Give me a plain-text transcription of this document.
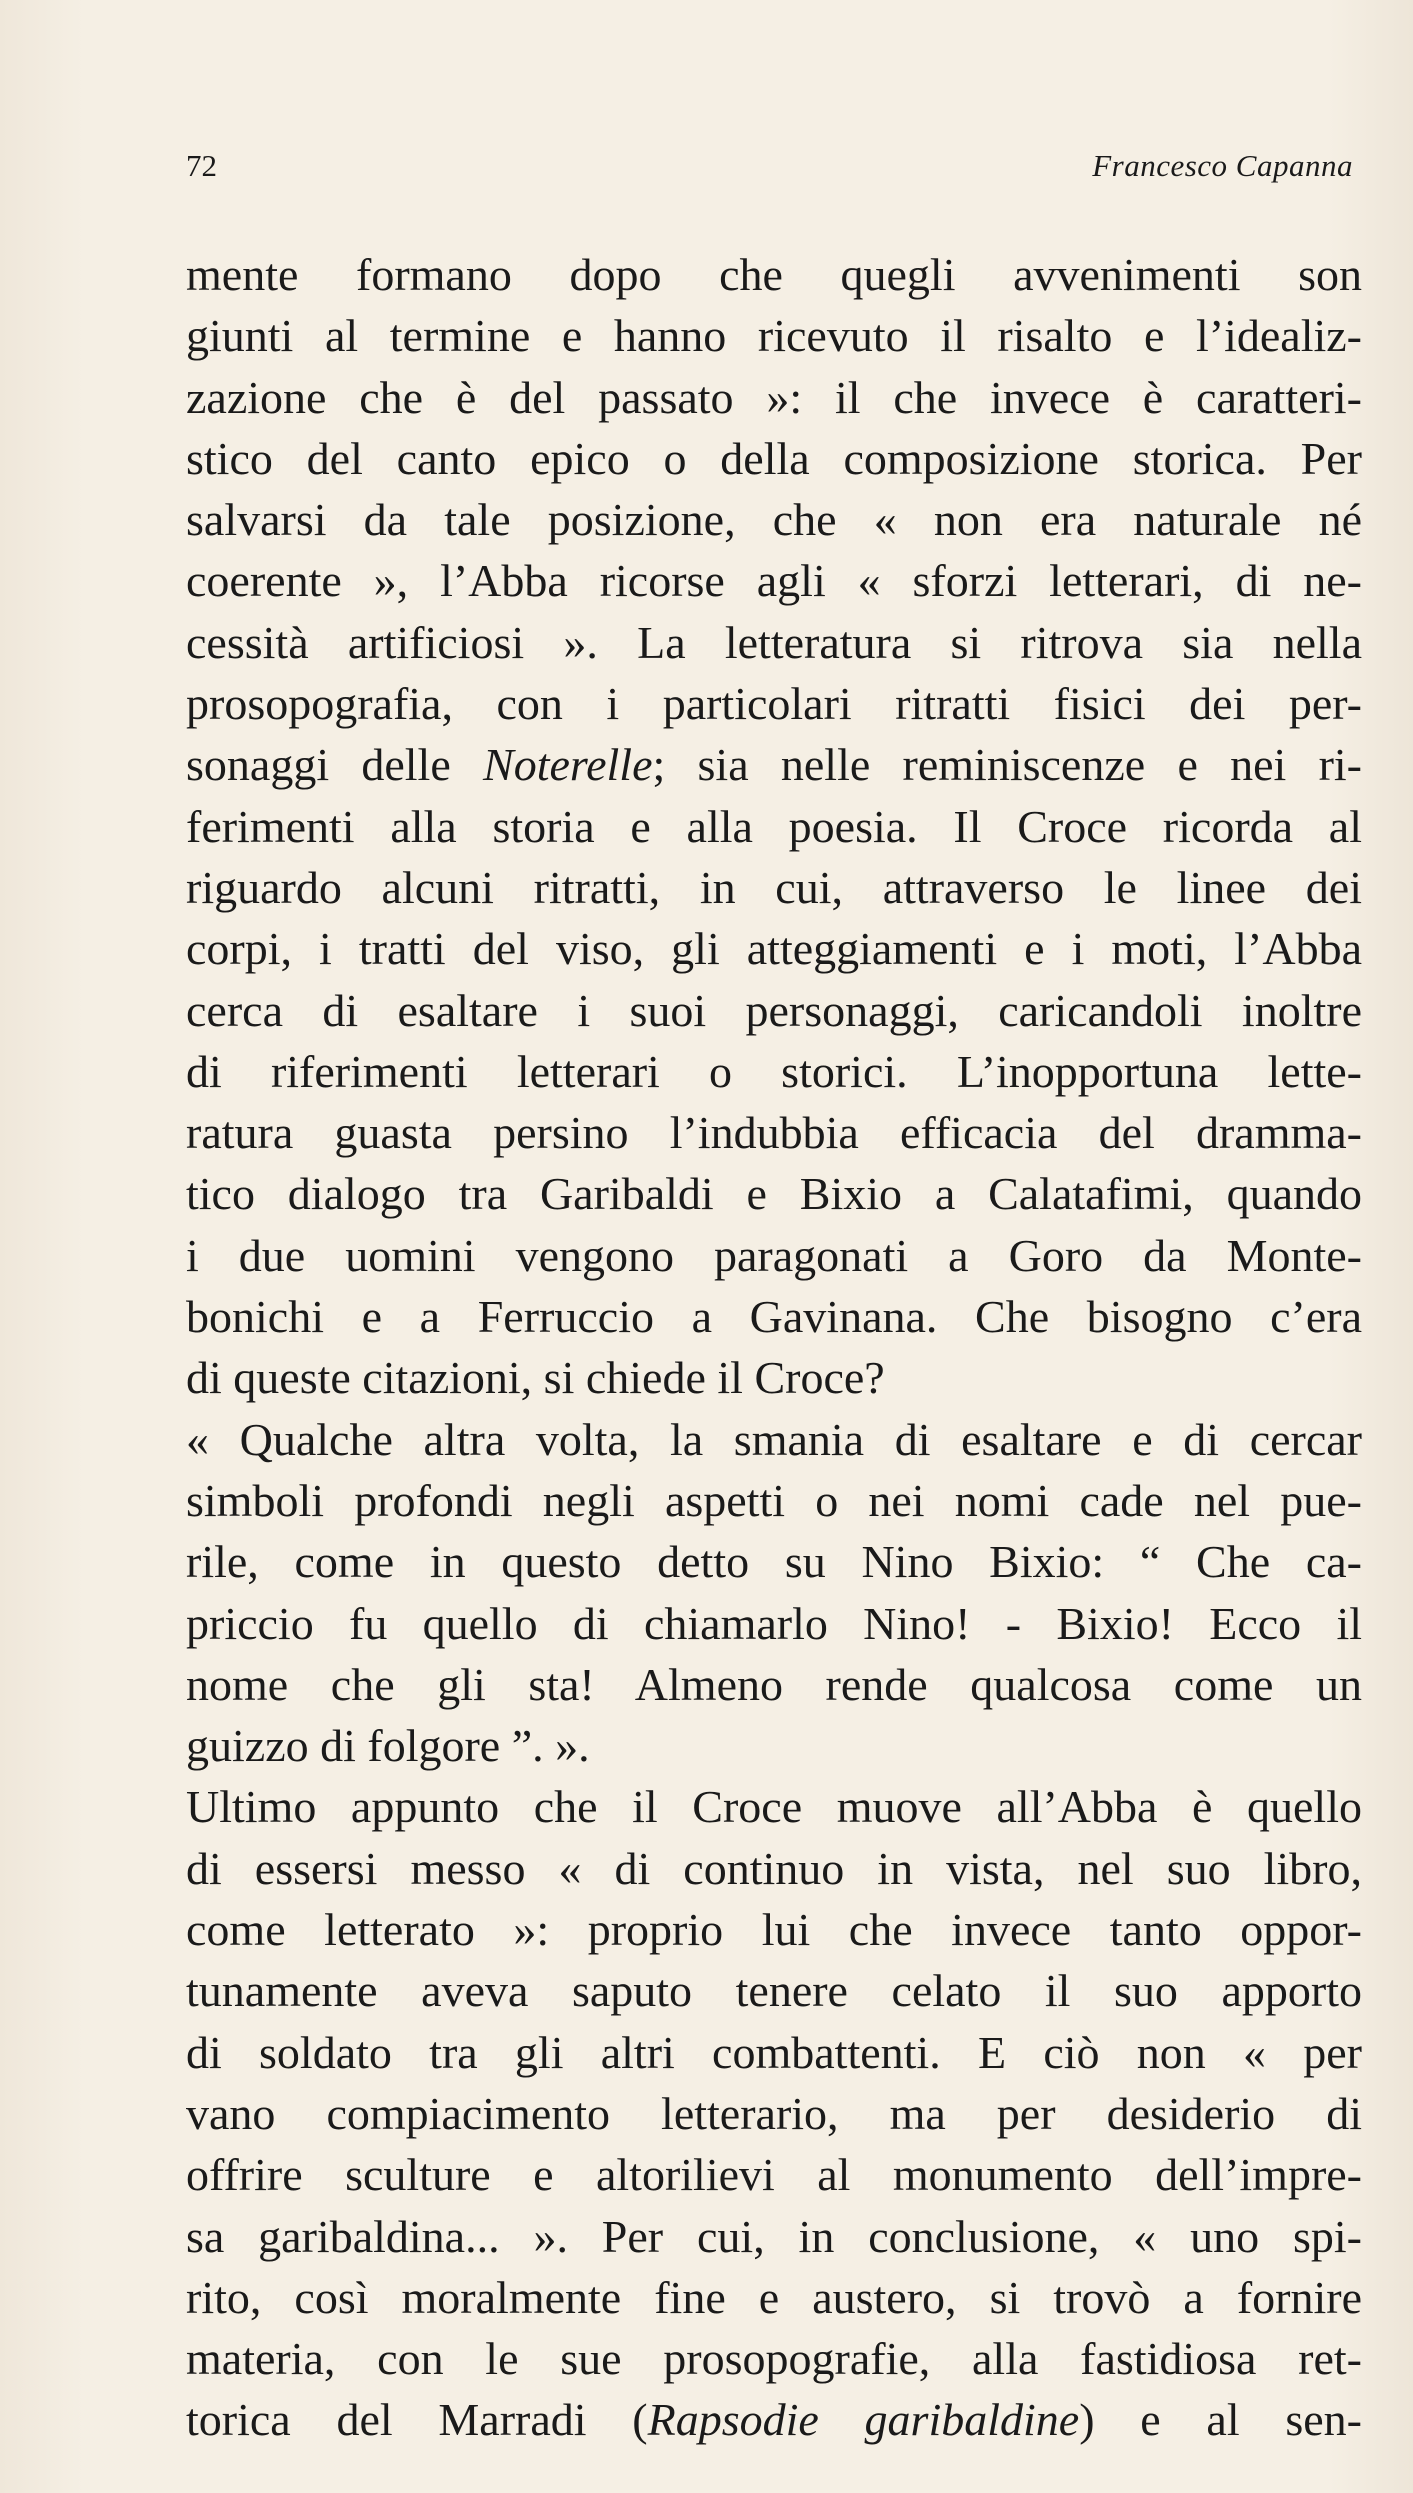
72	Francesco Capanna
mente formano dopo che quegli avvenimenti son
giunti al termine e hanno ricevuto il risalto e l’idealiz-
zazione che è del passato »: il che invece è caratteri-
stico del canto epico o della composizione storica. Per
salvarsi da tale posizione, che « non era naturale né
coerente », l’Abba ricorse agli « sforzi letterari, di ne-
cessità artificiosi ». La letteratura si ritrova sia nella
prosopografia, con i particolari ritratti fisici dei per-
sonaggi delle Noterelle; sia nelle reminiscenze e nei ri-
ferimenti alla storia e alla poesia. Il Croce ricorda al
riguardo alcuni ritratti, in cui, attraverso le linee dei
corpi, i tratti del viso, gli atteggiamenti e i moti, l’Abba
cerca di esaltare i suoi personaggi, caricandoli inoltre
di riferimenti letterari o storici. L’inopportuna lette-
ratura guasta persino l’indubbia efficacia del dramma-
tico dialogo tra Garibaldi e Bixio a Calatafimi, quando
i due uomini vengono paragonati a Goro da Monte-
bonichi e a Ferruccio a Gavinana. Che bisogno c’era
di queste citazioni, si chiede il Croce?
« Qualche altra volta, la smania di esaltare e di cercar
simboli profondi negli aspetti o nei nomi cade nel pue-
rile, come in questo detto su Nino Bixio: “ Che ca-
priccio fu quello di chiamarlo Nino! - Bixio! Ecco il
nome che gli sta! Almeno rende qualcosa come un
guizzo di folgore ”. ».
Ultimo appunto che il Croce muove all’Abba è quello
di essersi messo « di continuo in vista, nel suo libro,
come letterato »: proprio lui che invece tanto oppor-
tunamente aveva saputo tenere celato il suo apporto
di soldato tra gli altri combattenti. E ciò non « per
vano compiacimento letterario, ma per desiderio di
offrire sculture e altorilievi al monumento dell’impre-
sa garibaldina... ». Per cui, in conclusione, « uno spi-
rito, così moralmente fine e austero, si trovò a fornire
materia, con le sue prosopografie, alla fastidiosa ret-
torica del Marradi (Rapsodie garibaldine) e al sen-
